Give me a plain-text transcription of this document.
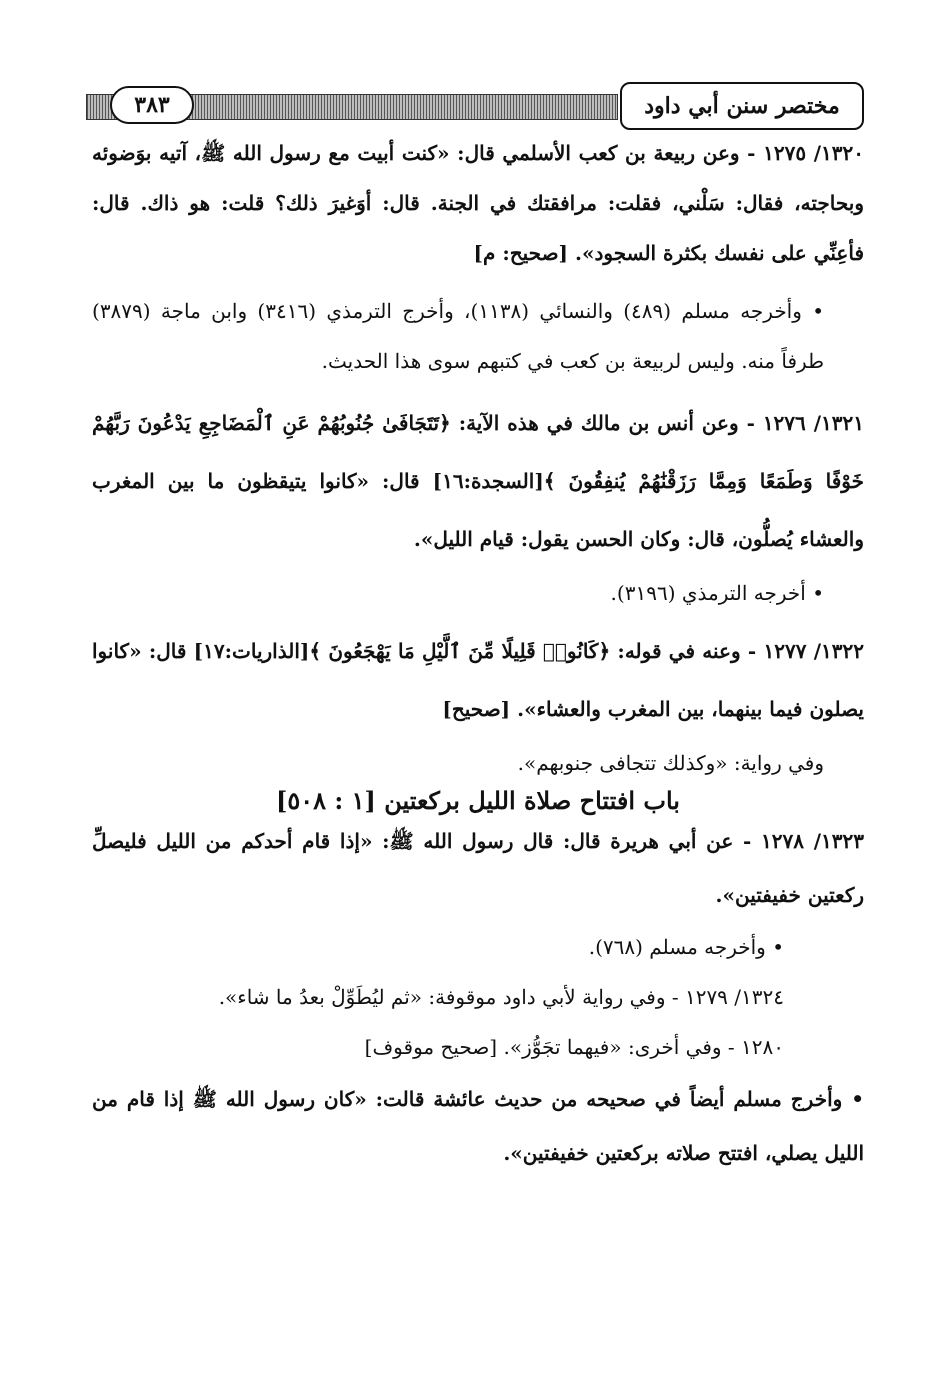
٣٨٣	مختصر سنن أبي داود

١٣٢٠/ ١٢٧٥ - وعن ربيعة بن كعب الأسلمي قال: «كنت أبيت مع رسول الله ﷺ، آتيه بوَضوئه وبحاجته، فقال: سَلْني، فقلت: مرافقتك في الجنة. قال: أوَغيرَ ذلك؟ قلت: هو ذاك. قال: فأعِنِّي على نفسك بكثرة السجود». [صحيح: م]

• وأخرجه مسلم (٤٨٩) والنسائي (١١٣٨)، وأخرج الترمذي (٣٤١٦) وابن ماجة (٣٨٧٩) طرفاً منه. وليس لربيعة بن كعب في كتبهم سوى هذا الحديث.

١٣٢١/ ١٢٧٦ - وعن أنس بن مالك في هذه الآية: ﴿تَتَجَافَىٰ جُنُوبُهُمْ عَنِ ٱلْمَضَاجِعِ يَدْعُونَ رَبَّهُمْ خَوْفًا وَطَمَعًا وَمِمَّا رَزَقْنَٰهُمْ يُنفِقُونَ ﴾[السجدة:١٦] قال: «كانوا يتيقظون ما بين المغرب والعشاء يُصلُّون، قال: وكان الحسن يقول: قيام الليل».

• أخرجه الترمذي (٣١٩٦).

١٣٢٢/ ١٢٧٧ - وعنه في قوله: ﴿كَانُوا۟ قَلِيلًا مِّنَ ٱلَّيْلِ مَا يَهْجَعُونَ ﴾[الذاريات:١٧] قال: «كانوا يصلون فيما بينهما، بين المغرب والعشاء». [صحيح]

وفي رواية: «وكذلك تتجافى جنوبهم».

باب افتتاح صلاة الليل بركعتين [١ : ٥٠٨]

١٣٢٣/ ١٢٧٨ - عن أبي هريرة قال: قال رسول الله ﷺ: «إذا قام أحدكم من الليل فليصلِّ ركعتين خفيفتين».

• وأخرجه مسلم (٧٦٨).

١٣٢٤/ ١٢٧٩ - وفي رواية لأبي داود موقوفة: «ثم ليُطَوِّلْ بعدُ ما شاء».

١٢٨٠ - وفي أخرى: «فيهما تجَوُّز». [صحيح موقوف]

• وأخرج مسلم أيضاً في صحيحه من حديث عائشة قالت: «كان رسول الله ﷺ إذا قام من الليل يصلي، افتتح صلاته بركعتين خفيفتين».
